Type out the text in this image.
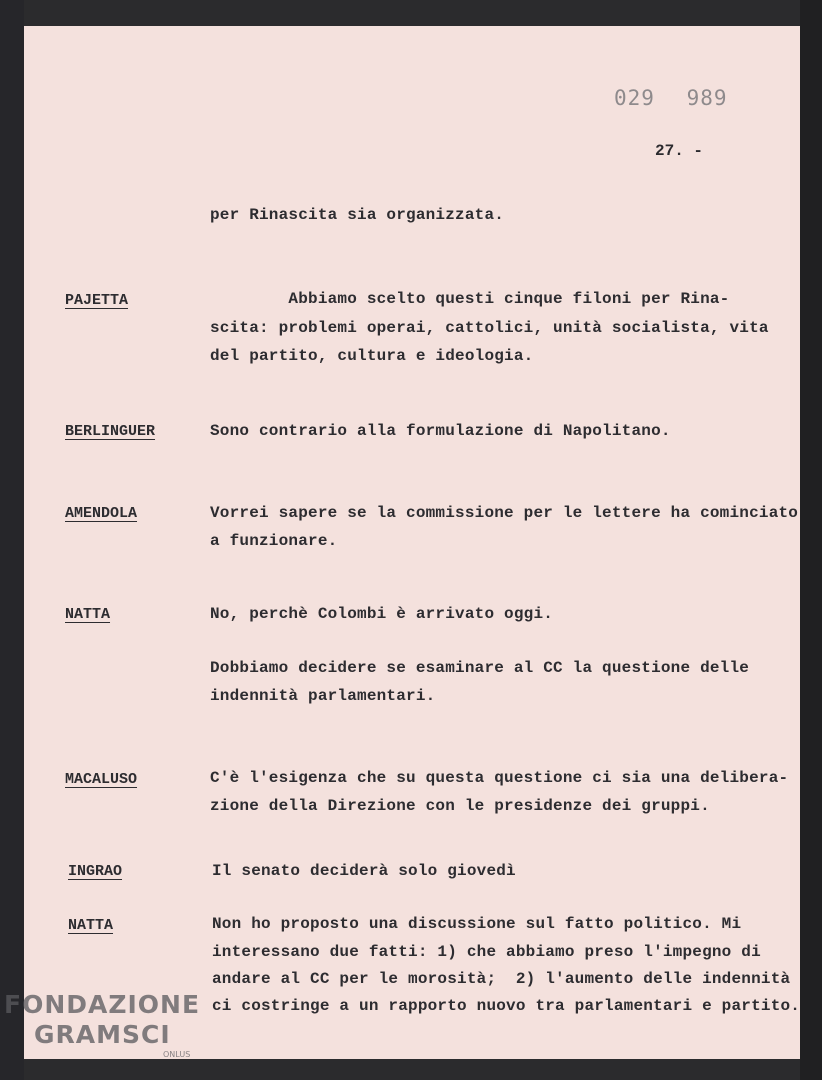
029 989
27. -
per Rinascita sia organizzata.
PAJETTA	Abbiamo scelto questi cinque filoni per Rina-
scita: problemi operai, cattolici, unità socialista, vita
del partito, cultura e ideologia.
BERLINGUER	Sono contrario alla formulazione di Napolitano.
AMENDOLA	Vorrei sapere se la commissione per le lettere ha cominciato
a funzionare.
NATTA	No, perchè Colombi è arrivato oggi.
Dobbiamo decidere se esaminare al CC la questione delle
indennità parlamentari.
MACALUSO	C'è l'esigenza che su questa questione ci sia una delibera-
zione della Direzione con le presidenze dei gruppi.
INGRAO	Il senato deciderà solo giovedì
NATTA	Non ho proposto una discussione sul fatto politico. Mi
interessano due fatti: 1) che abbiamo preso l'impegno di
andare al CC per le morosità;  2) l'aumento delle indennità
ci costringe a un rapporto nuovo tra parlamentari e partito.
FONDAZIONE
GRAMSCI
ONLUS
